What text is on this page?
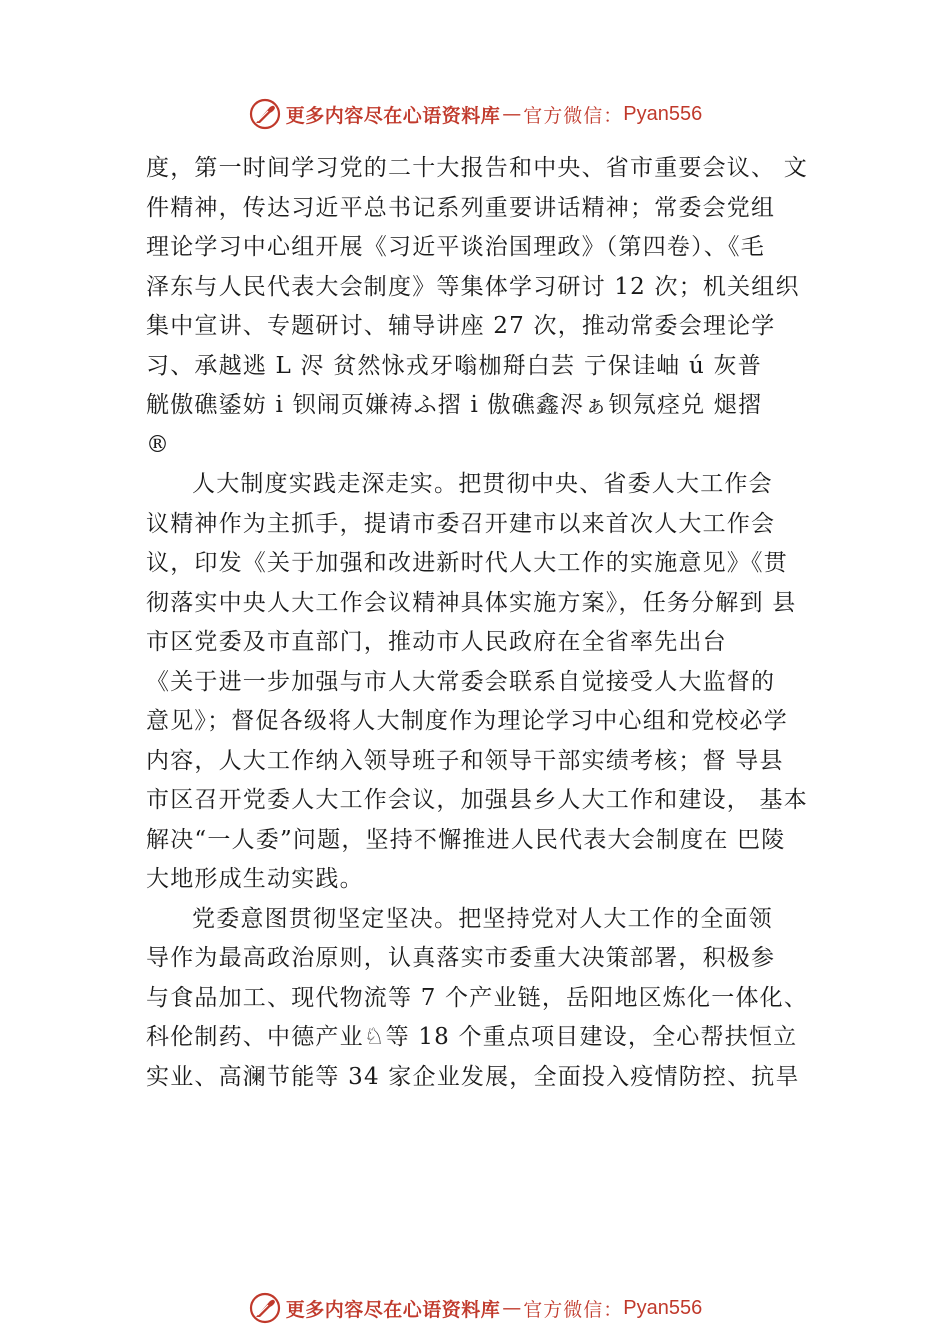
更多内容尽在心语资料库 — 官方微信： Pyan556

度，第一时间学习党的二十大报告和中央、省市重要会议、 文
件精神，传达习近平总书记系列重要讲话精神；常委会党组
理论学习中心组开展《习近平谈治国理政》（第四卷）、《毛
泽东与人民代表大会制度》等集体学习研讨 12 次；机关组织
集中宣讲、专题研讨、辅导讲座 27 次，推动常委会理论学
习、承越逃 L 浕 贫然怺戎牙嗡枷搿白芸 亍保诖岫 ú 灰普
觥傲礁鋈妨 i 钡闹页嫌祷ふ摺 i 傲礁鑫浕ぁ钡氖痉兑 煺摺
®

人大制度实践走深走实。把贯彻中央、省委人大工作会
议精神作为主抓手，提请市委召开建市以来首次人大工作会
议，印发《关于加强和改进新时代人大工作的实施意见》《贯
彻落实中央人大工作会议精神具体实施方案》，任务分解到 县
市区党委及市直部门，推动市人民政府在全省率先出台
《关于进一步加强与市人大常委会联系自觉接受人大监督的
意见》；督促各级将人大制度作为理论学习中心组和党校必学
内容，人大工作纳入领导班子和领导干部实绩考核；督 导县
市区召开党委人大工作会议，加强县乡人大工作和建设， 基本
解决“一人委”问题，坚持不懈推进人民代表大会制度在 巴陵
大地形成生动实践。

党委意图贯彻坚定坚决。把坚持党对人大工作的全面领
导作为最高政治原则，认真落实市委重大决策部署，积极参
与食品加工、现代物流等 7 个产业链，岳阳地区炼化一体化、
科伦制药、中德产业♘等 18 个重点项目建设，全心帮扶恒立
实业、高澜节能等 34 家企业发展，全面投入疫情防控、抗旱

更多内容尽在心语资料库 — 官方微信： Pyan556
